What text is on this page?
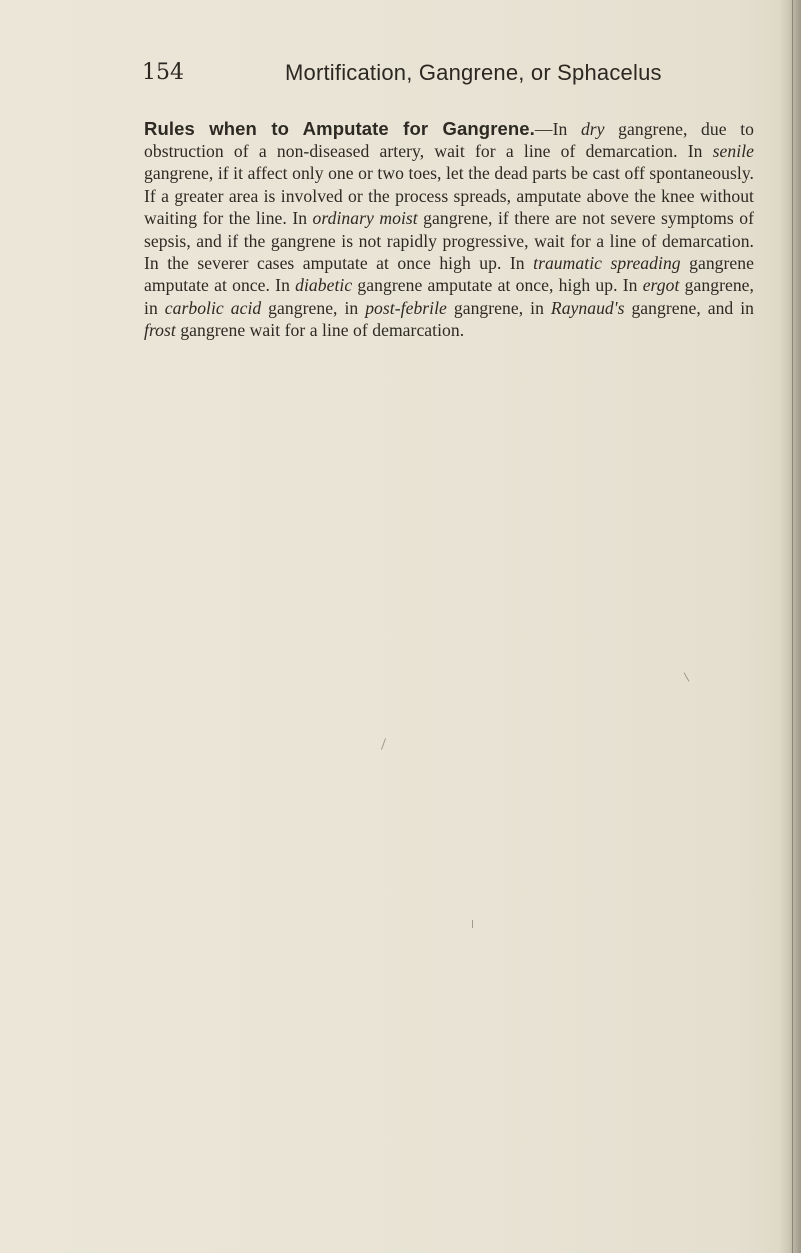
154	Mortification, Gangrene, or Sphacelus

Rules when to Amputate for Gangrene.—In dry gangrene, due to obstruction of a non-diseased artery, wait for a line of demarcation. In senile gangrene, if it affect only one or two toes, let the dead parts be cast off spontaneously. If a greater area is involved or the process spreads, amputate above the knee without waiting for the line. In ordinary moist gangrene, if there are not severe symptoms of sepsis, and if the gangrene is not rapidly progressive, wait for a line of demarcation. In the severer cases amputate at once high up. In traumatic spreading gangrene amputate at once. In diabetic gangrene amputate at once, high up. In ergot gangrene, in carbolic acid gangrene, in post-febrile gangrene, in Raynaud's gangrene, and in frost gangrene wait for a line of demarcation.
